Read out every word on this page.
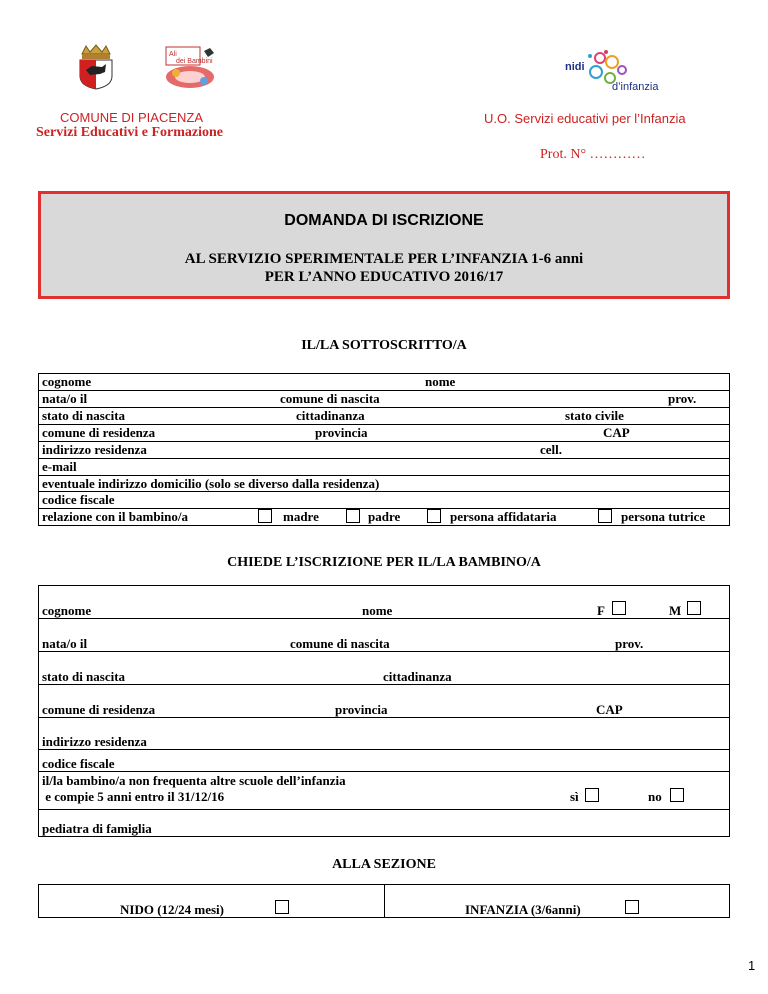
Ali
dei Bambini	nidi
d’infanzia
COMUNE DI PIACENZA
Servizi Educativi e Formazione
U.O. Servizi educativi per l’Infanzia
Prot. N° …………
DOMANDA DI ISCRIZIONE
AL SERVIZIO SPERIMENTALE PER L’INFANZIA 1-6 anni
PER L’ANNO EDUCATIVO 2016/17
IL/LA SOTTOSCRITTO/A
cognome	nome
nata/o il	comune di nascita	prov.
stato di nascita	cittadinanza	stato civile
comune di residenza	provincia	CAP
indirizzo residenza	cell.
e-mail
eventuale indirizzo domicilio (solo se diverso dalla residenza)
codice fiscale
relazione con il bambino/a	madre	padre	persona affidataria	persona tutrice
CHIEDE L’ISCRIZIONE PER IL/LA BAMBINO/A
cognome	nome	F	M
nata/o il	comune di nascita	prov.
stato di nascita	cittadinanza
comune di residenza	provincia	CAP
indirizzo residenza
codice fiscale
il/la bambino/a non frequenta altre scuole dell’infanzia
e compie 5 anni entro il 31/12/16	sì	no
pediatra di famiglia
ALLA SEZIONE
NIDO (12/24 mesi)	INFANZIA (3/6anni)
1
